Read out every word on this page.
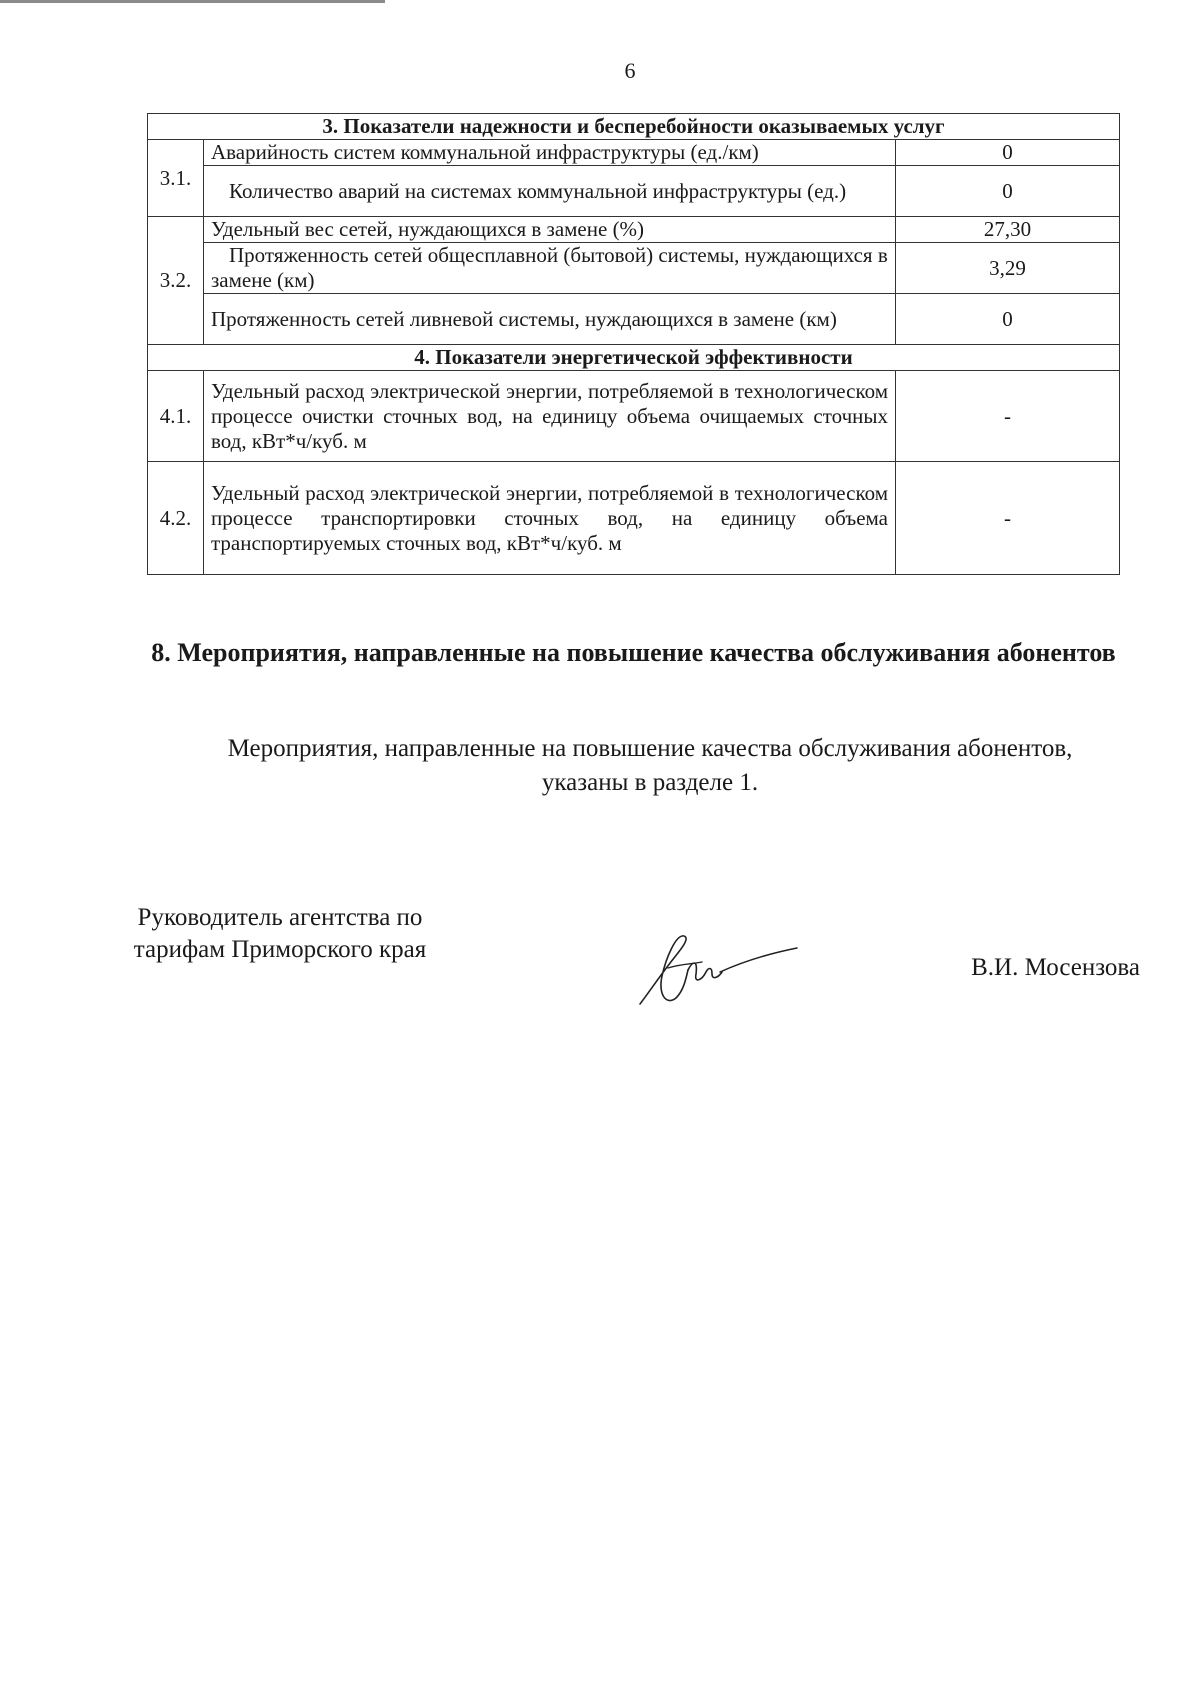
6
3. Показатели надежности и бесперебойности оказываемых услуг		
3.1.	Аварийность систем коммунальной инфраструктуры (ед./км)	0

	Количество аварий на системах коммунальной инфраструктуры (ед.)	0
3.2.	Удельный вес сетей, нуждающихся в замене (%)	27,30

	Протяженность сетей общесплавной (бытовой) системы, нуждающихся в замене (км)	3,29
	Протяженность сетей ливневой системы, нуждающихся в замене (км)	0
4. Показатели энергетической эффективности		
4.1.	Удельный расход электрической энергии, потребляемой в технологическом процессе очистки сточных вод, на единицу объема очищаемых сточных вод, кВт*ч/куб. м	-
4.2.	Удельный расход электрической энергии, потребляемой в технологическом процессе транспортировки сточных вод, на единицу объема транспортируемых сточных вод, кВт*ч/куб. м	-
8. Мероприятия, направленные на повышение качества обслуживания абонентов
Мероприятия, направленные на повышение качества обслуживания абонентов, указаны в разделе 1.
Руководитель агентства по тарифам Приморского края
В.И. Мосензова
